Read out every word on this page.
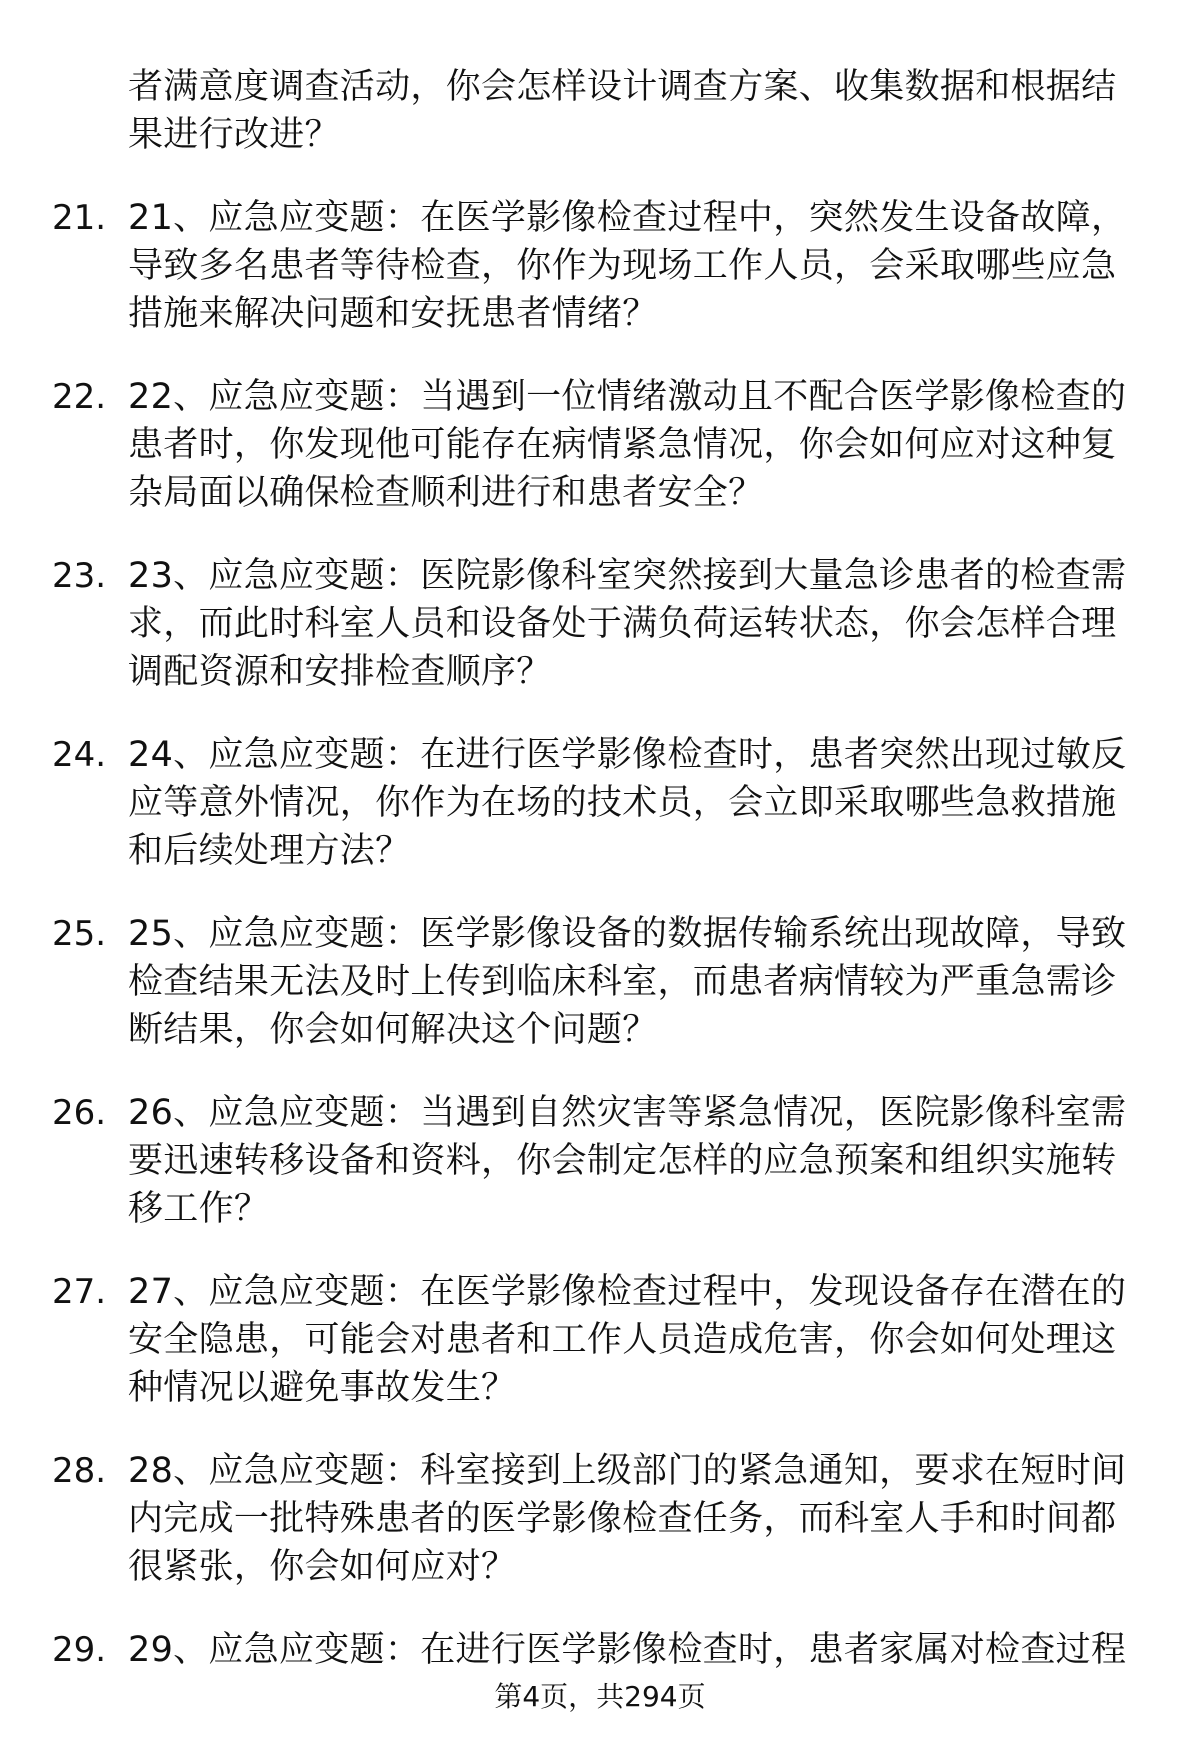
者满意度调查活动，你会怎样设计调查方案、收集数据和根据结
果进行改进？
21. 21、应急应变题：在医学影像检查过程中，突然发生设备故障，
导致多名患者等待检查，你作为现场工作人员，会采取哪些应急
措施来解决问题和安抚患者情绪？
22. 22、应急应变题：当遇到一位情绪激动且不配合医学影像检查的
患者时，你发现他可能存在病情紧急情况，你会如何应对这种复
杂局面以确保检查顺利进行和患者安全？
23. 23、应急应变题：医院影像科室突然接到大量急诊患者的检查需
求，而此时科室人员和设备处于满负荷运转状态，你会怎样合理
调配资源和安排检查顺序？
24. 24、应急应变题：在进行医学影像检查时，患者突然出现过敏反
应等意外情况，你作为在场的技术员，会立即采取哪些急救措施
和后续处理方法？
25. 25、应急应变题：医学影像设备的数据传输系统出现故障，导致
检查结果无法及时上传到临床科室，而患者病情较为严重急需诊
断结果，你会如何解决这个问题？
26. 26、应急应变题：当遇到自然灾害等紧急情况，医院影像科室需
要迅速转移设备和资料，你会制定怎样的应急预案和组织实施转
移工作？
27. 27、应急应变题：在医学影像检查过程中，发现设备存在潜在的
安全隐患，可能会对患者和工作人员造成危害，你会如何处理这
种情况以避免事故发生？
28. 28、应急应变题：科室接到上级部门的紧急通知，要求在短时间
内完成一批特殊患者的医学影像检查任务，而科室人手和时间都
很紧张，你会如何应对？
29. 29、应急应变题：在进行医学影像检查时，患者家属对检查过程
第4页，共294页
